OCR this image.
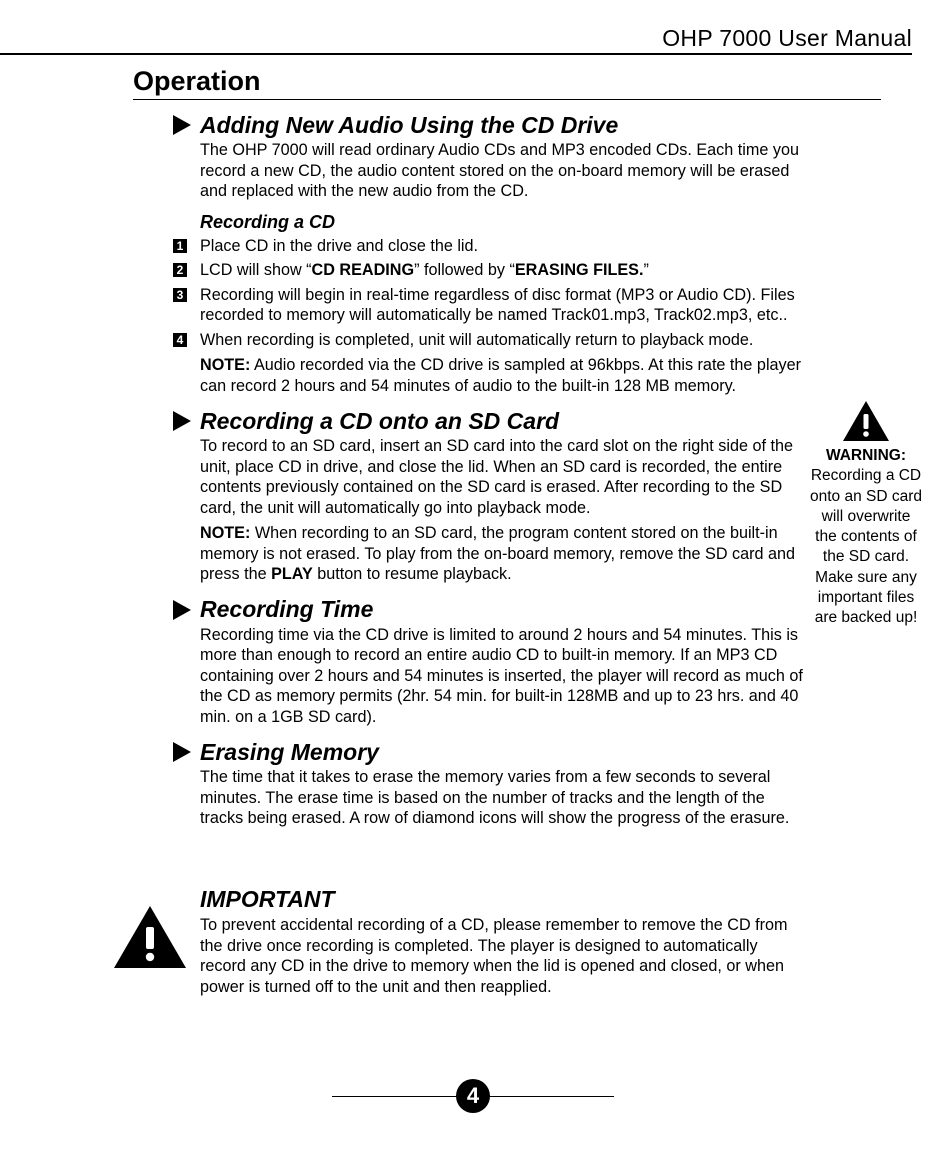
OHP 7000 User Manual
Operation
Adding New Audio Using the CD Drive

The OHP 7000 will read ordinary Audio CDs and MP3 encoded CDs. Each time you record a new CD, the audio content stored on the on-board memory will be erased and replaced with the new audio from the CD.

Recording a CD
1 Place CD in the drive and close the lid.

2 LCD will show “CD READING” followed by “ERASING FILES.”

3 Recording will begin in real-time regardless of disc format (MP3 or Audio CD). Files recorded to memory will automatically be named Track01.mp3, Track02.mp3, etc..

4 When recording is completed, unit will automatically return to playback mode.

NOTE: Audio recorded via the CD drive is sampled at 96kbps. At this rate the player can record 2 hours and 54 minutes of audio to the built-in 128 MB memory.

Recording a CD onto an SD Card

To record to an SD card, insert an SD card into the card slot on the right side of the unit, place CD in drive, and close the lid. When an SD card is recorded, the entire contents previously contained on the SD card is erased. After recording to the SD card, the unit will automatically go into playback mode.

NOTE: When recording to an SD card, the program content stored on the built-in memory is not erased. To play from the on-board memory, remove the SD card and press the PLAY button to resume playback.

Recording Time

Recording time via the CD drive is limited to around 2 hours and 54 minutes. This is more than enough to record an entire audio CD to built-in memory. If an MP3 CD containing over 2 hours and 54 minutes is inserted, the player will record as much of the CD as memory permits (2hr. 54 min. for built-in 128MB and up to 23 hrs. and 40 min. on a 1GB SD card).

Erasing Memory

The time that it takes to erase the memory varies from a few seconds to several minutes. The erase time is based on the number of tracks and the length of the tracks being erased. A row of diamond icons will show the progress of the erasure.

WARNING:
Recording a CD
onto an SD card
will overwrite
the contents of
the SD card.
Make sure any
important files
are backed up!
IMPORTANT

To prevent accidental recording of a CD, please remember to remove the CD from the drive once recording is completed. The player is designed to automatically record any CD in the drive to memory when the lid is opened and closed, or when power is turned off to the unit and then reapplied.

4
